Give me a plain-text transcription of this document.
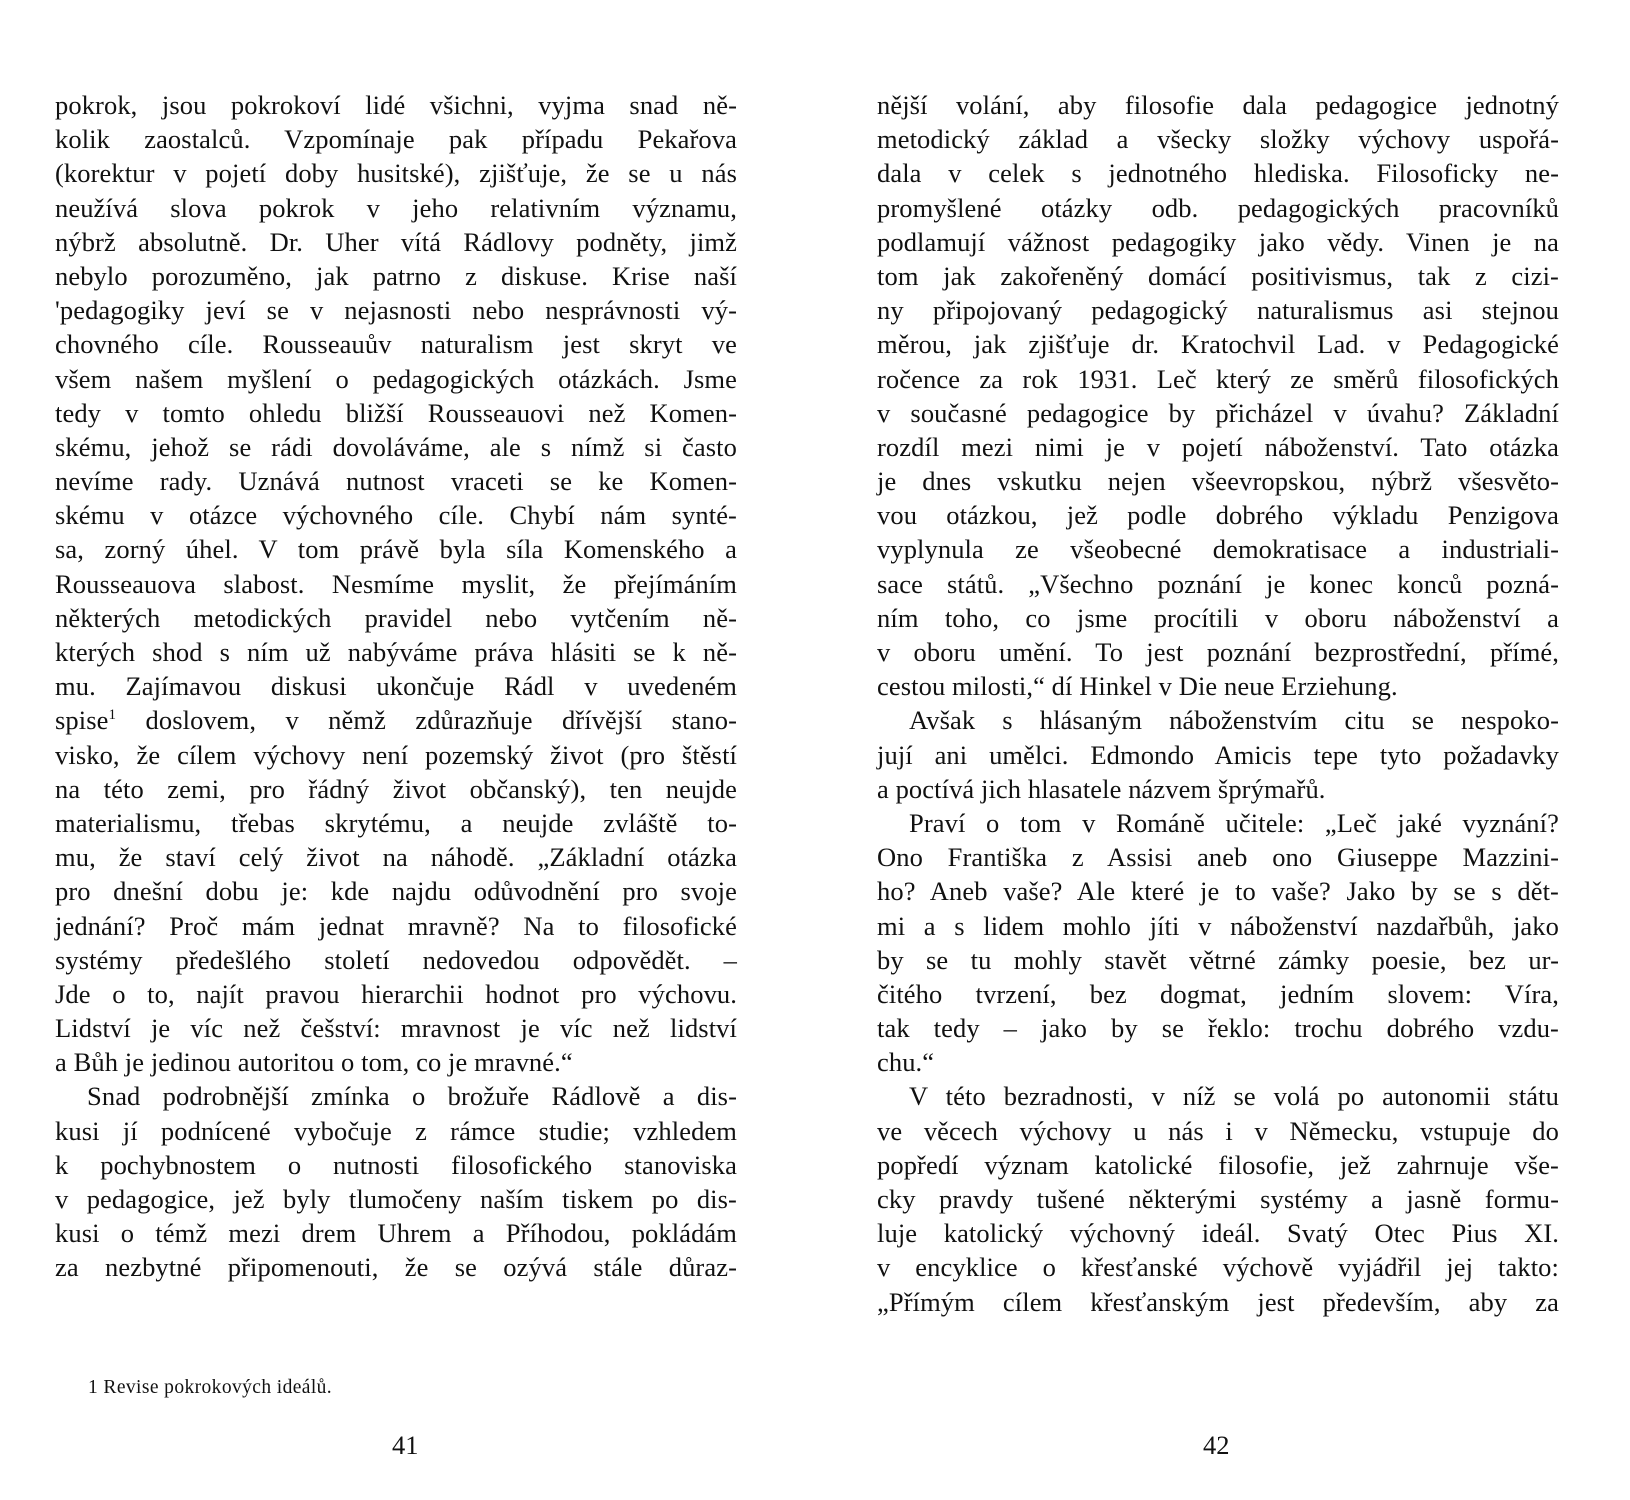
pokrok, jsou pokrokoví lidé všichni, vyjma snad ně-
kolik zaostalců. Vzpomínaje pak případu Pekařova
(korektur v pojetí doby husitské), zjišťuje, že se u nás
neužívá slova pokrok v jeho relativním významu,
nýbrž absolutně. Dr. Uher vítá Rádlovy podněty, jimž
nebylo porozuměno, jak patrno z diskuse. Krise naší
'pedagogiky jeví se v nejasnosti nebo nesprávnosti vý-
chovného cíle. Rousseauův naturalism jest skryt ve
všem našem myšlení o pedagogických otázkách. Jsme
tedy v tomto ohledu bližší Rousseauovi než Komen-
skému, jehož se rádi dovoláváme, ale s nímž si často
nevíme rady. Uznává nutnost vraceti se ke Komen-
skému v otázce výchovného cíle. Chybí nám synté-
sa, zorný úhel. V tom právě byla síla Komenského a
Rousseauova slabost. Nesmíme myslit, že přejímáním
některých metodických pravidel nebo vytčením ně-
kterých shod s ním už nabýváme práva hlásiti se k ně-
mu. Zajímavou diskusi ukončuje Rádl v uvedeném
spise$^1$ doslovem, v němž zdůrazňuje dřívější stano-
visko, že cílem výchovy není pozemský život (pro štěstí
na této zemi, pro řádný život občanský), ten neujde
materialismu, třebas skrytému, a neujde zvláště to-
mu, že staví celý život na náhodě. „Základní otázka
pro dnešní dobu je: kde najdu odůvodnění pro svoje
jednání? Proč mám jednat mravně? Na to filosofické
systémy předešlého století nedovedou odpovědět. –
Jde o to, najít pravou hierarchii hodnot pro výchovu.
Lidství je víc než češství: mravnost je víc než lidství
a Bůh je jedinou autoritou o tom, co je mravné.“
Snad podrobnější zmínka o brožuře Rádlově a dis-
kusi jí podnícené vybočuje z rámce studie; vzhledem
k pochybnostem o nutnosti filosofického stanoviska
v pedagogice, jež byly tlumočeny naším tiskem po dis-
kusi o témž mezi drem Uhrem a Příhodou, pokládám
za nezbytné připomenouti, že se ozývá stále důraz-
1 Revise pokrokových ideálů.
41
nější volání, aby filosofie dala pedagogice jednotný
metodický základ a všecky složky výchovy uspořá-
dala v celek s jednotného hlediska. Filosoficky ne-
promyšlené otázky odb. pedagogických pracovníků
podlamují vážnost pedagogiky jako vědy. Vinen je na
tom jak zakořeněný domácí positivismus, tak z cizi-
ny připojovaný pedagogický naturalismus asi stejnou
měrou, jak zjišťuje dr. Kratochvil Lad. v Pedagogické
ročence za rok 1931. Leč který ze směrů filosofických
v současné pedagogice by přicházel v úvahu? Základní
rozdíl mezi nimi je v pojetí náboženství. Tato otázka
je dnes vskutku nejen všeevropskou, nýbrž všesvěto-
vou otázkou, jež podle dobrého výkladu Penzigova
vyplynula ze všeobecné demokratisace a industriali-
sace států. „Všechno poznání je konec konců pozná-
ním toho, co jsme procítili v oboru náboženství a
v oboru umění. To jest poznání bezprostřední, přímé,
cestou milosti,“ dí Hinkel v Die neue Erziehung.
Avšak s hlásaným náboženstvím citu se nespoko-
jují ani umělci. Edmondo Amicis tepe tyto požadavky
a poctívá jich hlasatele názvem šprýmařů.
Praví o tom v Románě učitele: „Leč jaké vyznání?
Ono Františka z Assisi aneb ono Giuseppe Mazzini-
ho? Aneb vaše? Ale které je to vaše? Jako by se s dět-
mi a s lidem mohlo jíti v náboženství nazdařbůh, jako
by se tu mohly stavět větrné zámky poesie, bez ur-
čitého tvrzení, bez dogmat, jedním slovem: Víra,
tak tedy – jako by se řeklo: trochu dobrého vzdu-
chu.“
V této bezradnosti, v níž se volá po autonomii státu
ve věcech výchovy u nás i v Německu, vstupuje do
popředí význam katolické filosofie, jež zahrnuje vše-
cky pravdy tušené některými systémy a jasně formu-
luje katolický výchovný ideál. Svatý Otec Pius XI.
v encyklice o křesťanské výchově vyjádřil jej takto:
„Přímým cílem křesťanským jest především, aby za
42
